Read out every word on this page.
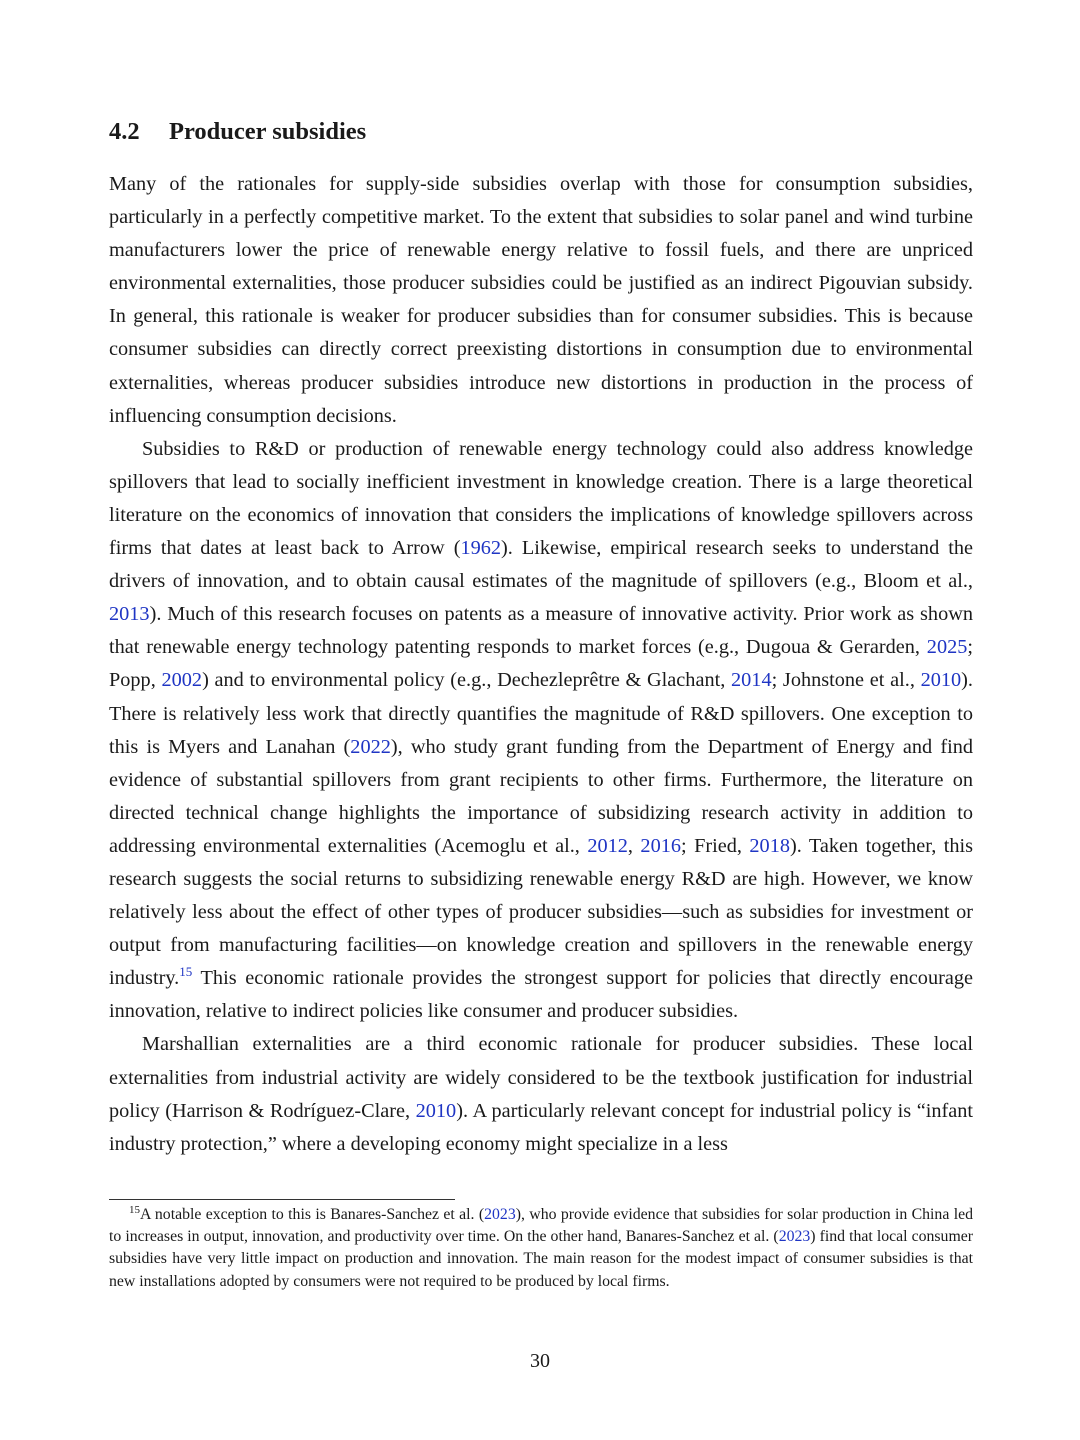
4.2 Producer subsidies

Many of the rationales for supply-side subsidies overlap with those for consumption subsidies, particularly in a perfectly competitive market. To the extent that subsidies to solar panel and wind turbine manufacturers lower the price of renewable energy relative to fossil fuels, and there are unpriced environmental externalities, those producer subsidies could be justified as an indirect Pigouvian subsidy. In general, this rationale is weaker for producer subsidies than for consumer subsidies. This is because consumer subsidies can directly correct preexisting distortions in consumption due to environmental externalities, whereas producer subsidies introduce new distortions in production in the process of influencing consumption decisions.

Subsidies to R&D or production of renewable energy technology could also address knowledge spillovers that lead to socially inefficient investment in knowledge creation. There is a large theoretical literature on the economics of innovation that considers the implications of knowledge spillovers across firms that dates at least back to Arrow (1962). Likewise, empirical research seeks to understand the drivers of innovation, and to obtain causal estimates of the magnitude of spillovers (e.g., Bloom et al., 2013). Much of this research focuses on patents as a measure of innovative activity. Prior work as shown that renewable energy technology patenting responds to market forces (e.g., Dugoua & Gerarden, 2025; Popp, 2002) and to environmental policy (e.g., Dechezleprêtre & Glachant, 2014; Johnstone et al., 2010). There is relatively less work that directly quantifies the magnitude of R&D spillovers. One exception to this is Myers and Lanahan (2022), who study grant funding from the Department of Energy and find evidence of substantial spillovers from grant recipients to other firms. Furthermore, the literature on directed technical change highlights the importance of subsidizing research activity in addition to addressing environmental externalities (Acemoglu et al., 2012, 2016; Fried, 2018). Taken together, this research suggests the social returns to subsidizing renewable energy R&D are high. However, we know relatively less about the effect of other types of producer subsidies—such as subsidies for investment or output from manufacturing facilities—on knowledge creation and spillovers in the renewable energy industry.$^{15}$ This economic rationale provides the strongest support for policies that directly encourage innovation, relative to indirect policies like consumer and producer subsidies.

Marshallian externalities are a third economic rationale for producer subsidies. These local externalities from industrial activity are widely considered to be the textbook justification for industrial policy (Harrison & Rodríguez-Clare, 2010). A particularly relevant concept for industrial policy is “infant industry protection,” where a developing economy might specialize in a less

$^{15}$A notable exception to this is Banares-Sanchez et al. (2023), who provide evidence that subsidies for solar production in China led to increases in output, innovation, and productivity over time. On the other hand, Banares-Sanchez et al. (2023) find that local consumer subsidies have very little impact on production and innovation. The main reason for the modest impact of consumer subsidies is that new installations adopted by consumers were not required to be produced by local firms.
30
